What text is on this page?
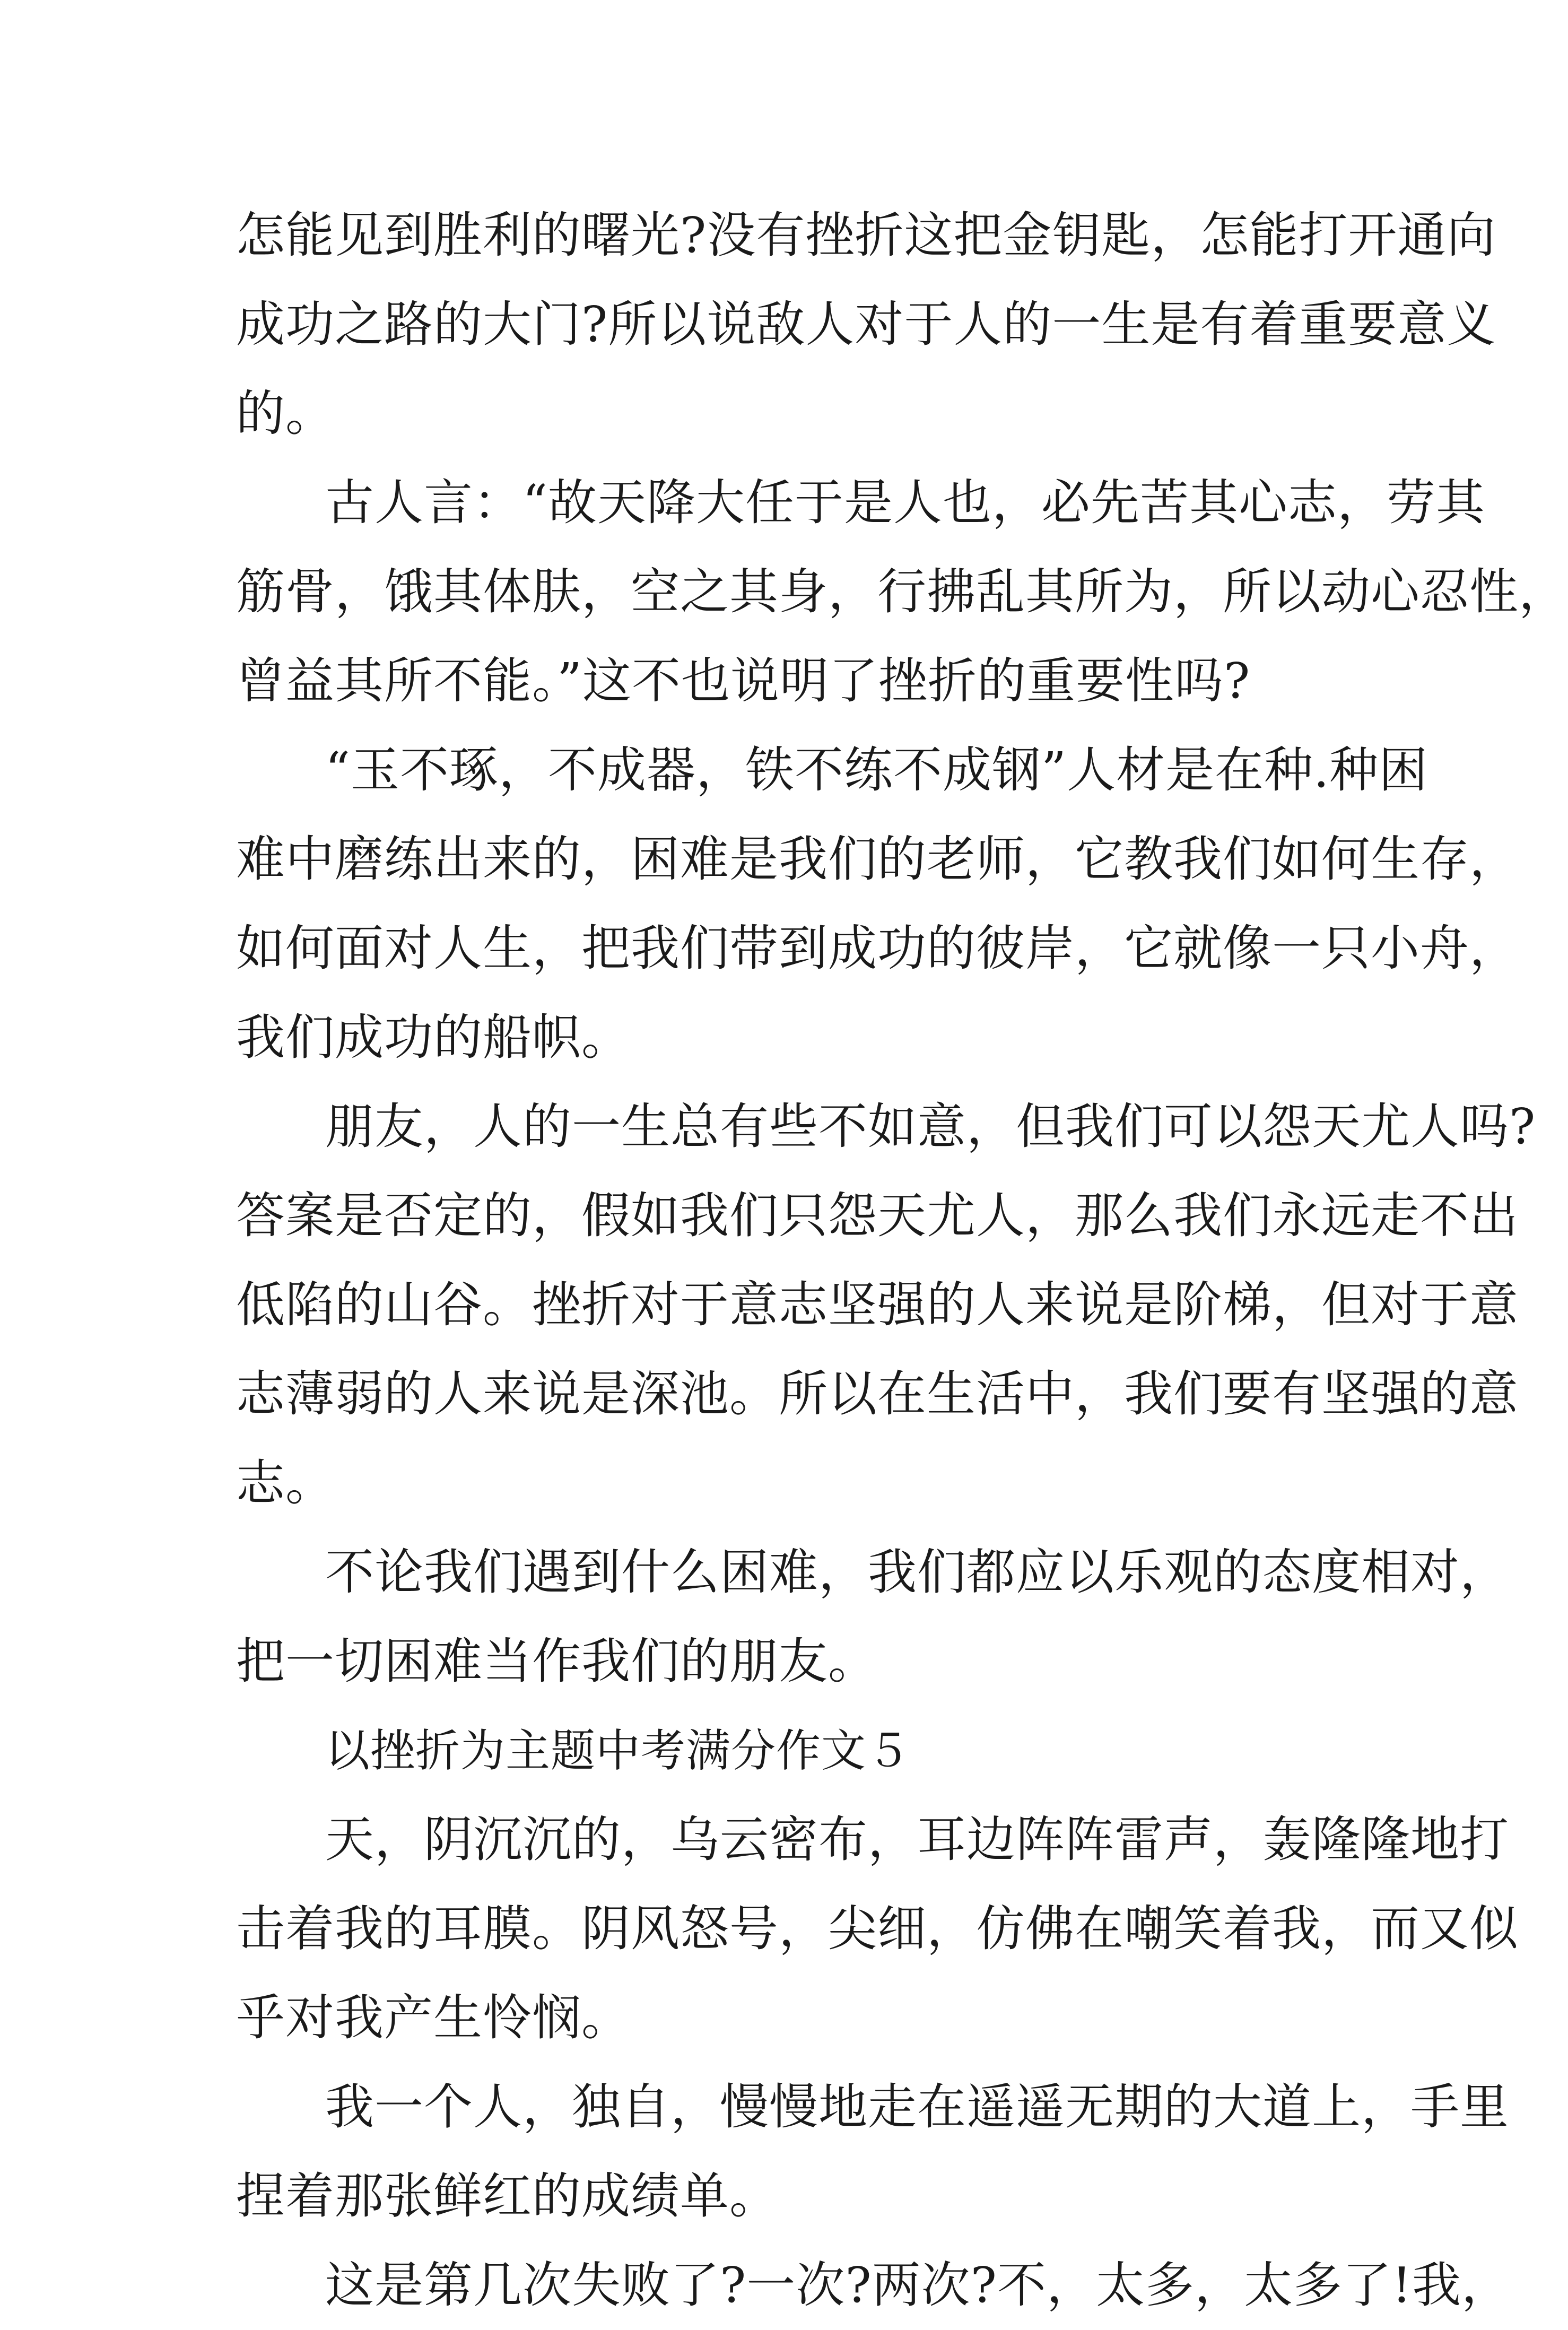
怎能见到胜利的曙光?没有挫折这把金钥匙，怎能打开通向
成功之路的大门?所以说敌人对于人的一生是有着重要意义
的。
古人言：“故天降大任于是人也，必先苦其心志，劳其
筋骨，饿其体肤，空之其身，行拂乱其所为，所以动心忍性，
曾益其所不能。”这不也说明了挫折的重要性吗?
“玉不琢，不成器，铁不练不成钢”人材是在种.种困
难中磨练出来的，困难是我们的老师，它教我们如何生存，
如何面对人生，把我们带到成功的彼岸，它就像一只小舟，
我们成功的船帜。
朋友，人的一生总有些不如意，但我们可以怨天尤人吗?
答案是否定的，假如我们只怨天尤人，那么我们永远走不出
低陷的山谷。挫折对于意志坚强的人来说是阶梯，但对于意
志薄弱的人来说是深池。所以在生活中，我们要有坚强的意
志。
不论我们遇到什么困难，我们都应以乐观的态度相对，
把一切困难当作我们的朋友。
以挫折为主题中考满分作文５
天，阴沉沉的，乌云密布，耳边阵阵雷声，轰隆隆地打
击着我的耳膜。阴风怒号，尖细，仿佛在嘲笑着我，而又似
乎对我产生怜悯。
我一个人，独自，慢慢地走在遥遥无期的大道上，手里
捏着那张鲜红的成绩单。
这是第几次失败了?一次?两次?不，太多，太多了!我，
